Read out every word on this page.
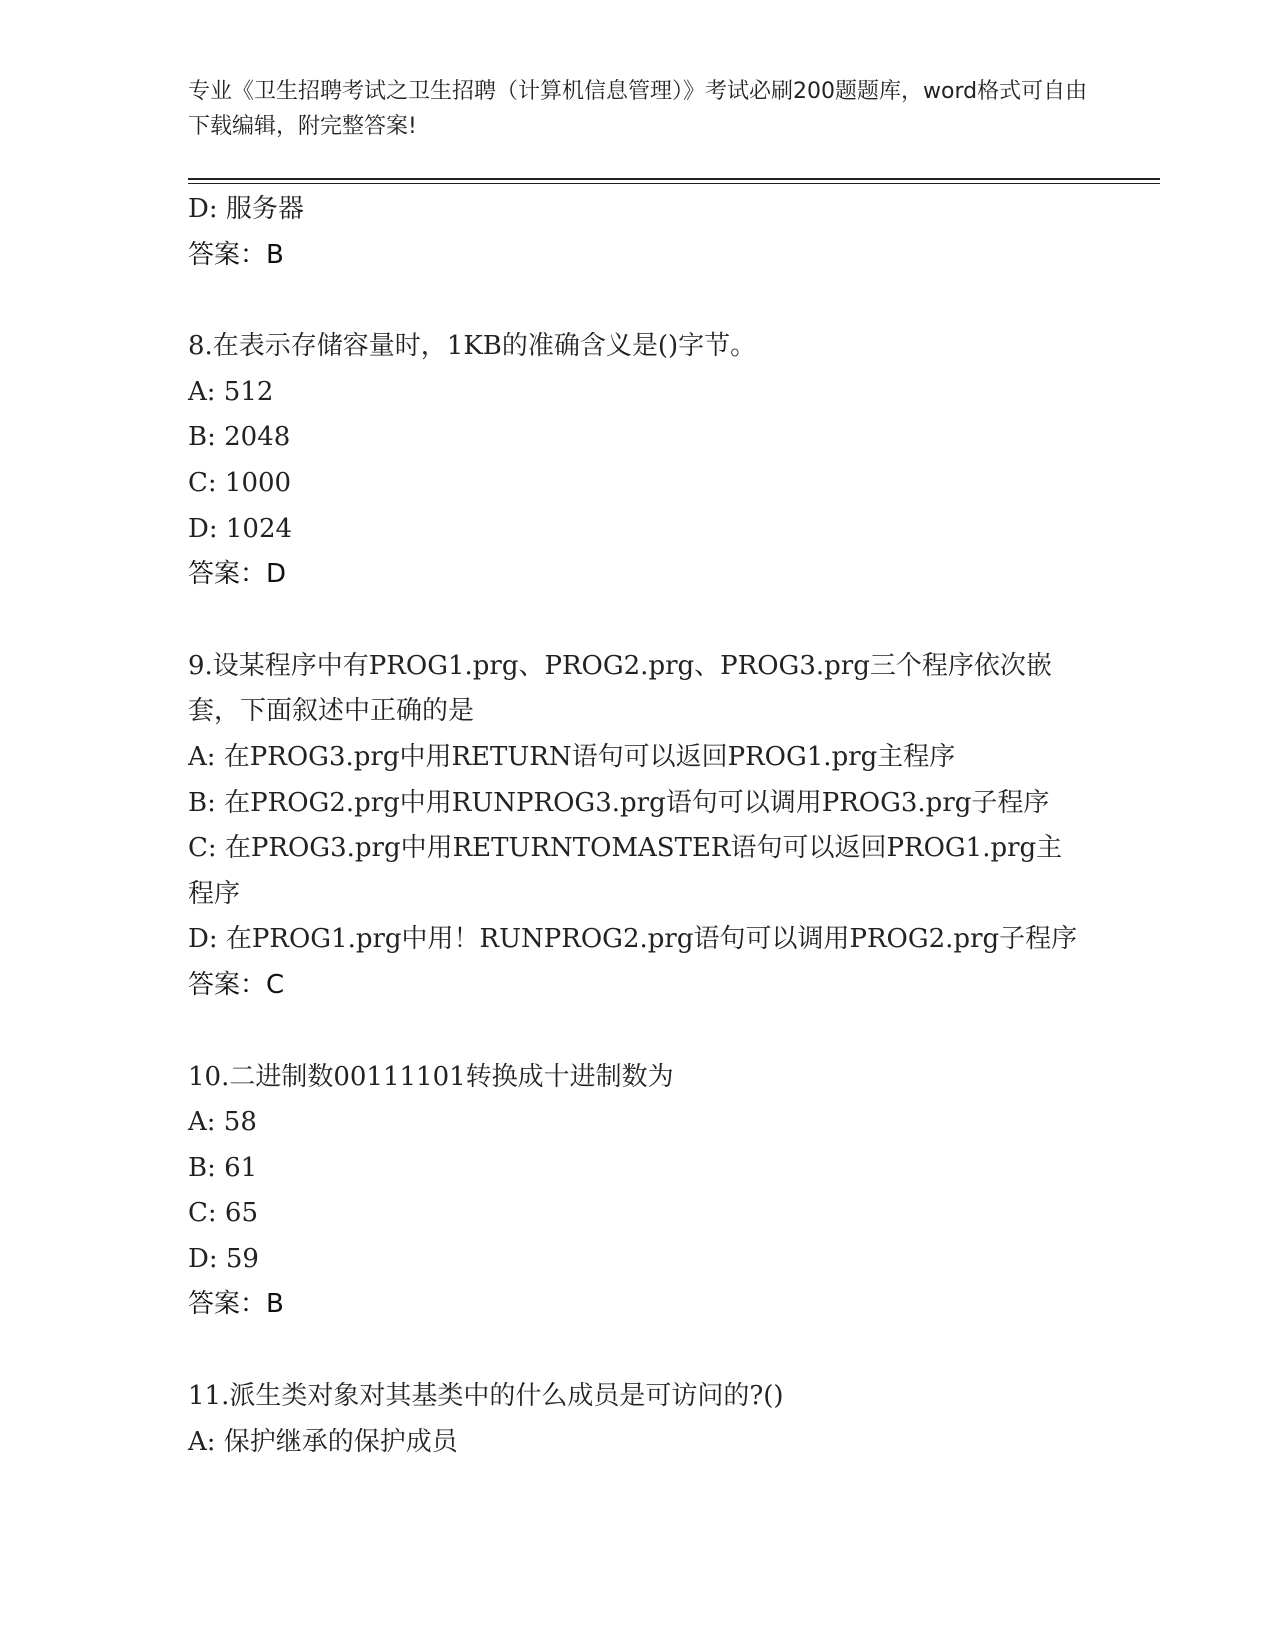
专业《卫生招聘考试之卫生招聘（计算机信息管理）》考试必刷200题题库，word格式可自由下载编辑，附完整答案!
D: 服务器
答案：B
8.在表示存储容量时，1KB的准确含义是()字节。
A: 512
B: 2048
C: 1000
D: 1024
答案：D
9.设某程序中有PROG1.prg、PROG2.prg、PROG3.prg三个程序依次嵌套，下面叙述中正确的是
A: 在PROG3.prg中用RETURN语句可以返回PROG1.prg主程序
B: 在PROG2.prg中用RUNPROG3.prg语句可以调用PROG3.prg子程序
C: 在PROG3.prg中用RETURNTOMASTER语句可以返回PROG1.prg主程序
D: 在PROG1.prg中用！RUNPROG2.prg语句可以调用PROG2.prg子程序
答案：C
10.二进制数00111101转换成十进制数为
A: 58
B: 61
C: 65
D: 59
答案：B
11.派生类对象对其基类中的什么成员是可访问的?()
A: 保护继承的保护成员
